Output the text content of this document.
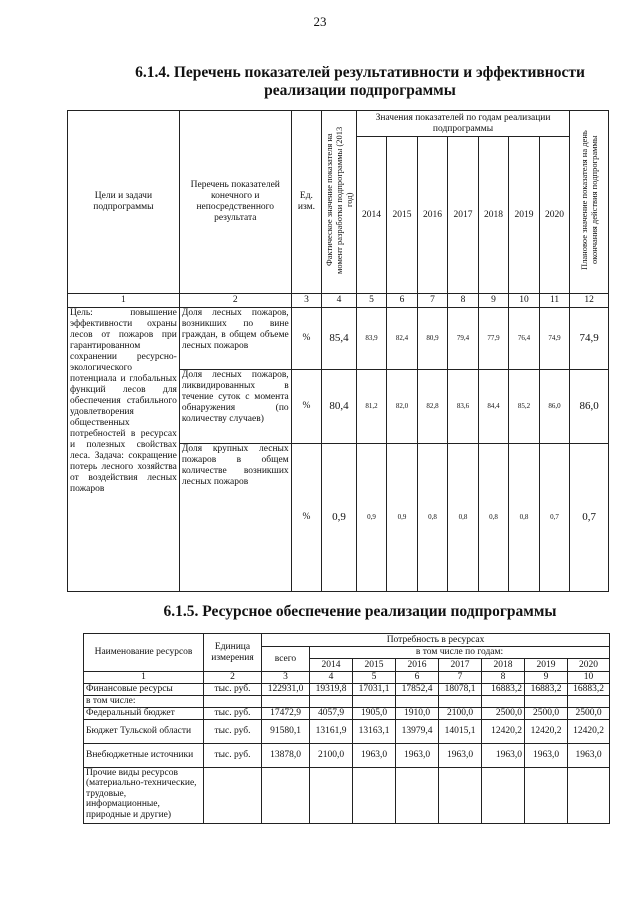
23
6.1.4. Перечень показателей результативности и эффективности
реализации подпрограммы
Цели и задачи подпрограммы	Перечень показателей конечного и непосредственного результата	Ед. изм.	Фактическое значение показателя на момент разработки подпрограммы (2013 год)	Значения показателей по годам реализации подпрограммы							Плановое значение показателя на день окончания действия подпрограммы
				2014	2015	2016	2017	2018	2019	2020	
1	2	3	4	5	6	7	8	9	10	11	12
Цель: повышение эффективности охраны лесов от пожаров при гарантированном сохранении ресурсно-экологического потенциала и глобальных функций лесов для обеспечения стабильного удовлетворения общественных потребностей в ресурсах и полезных свойствах леса. Задача: сокращение потерь лесного хозяйства от воздействия лесных пожаров	Доля лесных пожаров, возникших по вине граждан, в общем объеме лесных пожаров	%	85,4	83,9	82,4	80,9	79,4	77,9	76,4	74,9	74,9
	Доля лесных пожаров, ликвидированных в течение суток с момента обнаружения (по количеству случаев)	%	80,4	81,2	82,0	82,8	83,6	84,4	85,2	86,0	86,0
	Доля крупных лесных пожаров в общем количестве возникших лесных пожаров	%	0,9	0,9	0,9	0,8	0,8	0,8	0,8	0,7	0,7
6.1.5. Ресурсное обеспечение реализации подпрограммы
Наименование ресурсов	Единица измерения	Потребность в ресурсах							
		всего	в том числе по годам:						
			2014	2015	2016	2017	2018	2019	2020
1	2	3	4	5	6	7	8	9	10
Финансовые ресурсы	тыс. руб.	122931,0	19319,8	17031,1	17852,4	18078,1	16883,2	16883,2	16883,2
в том числе:									
Федеральный бюджет	тыс. руб.	17472,9	4057,9	1905,0	1910,0	2100,0	2500,0	2500,0	2500,0
Бюджет Тульской области	тыс. руб.	91580,1	13161,9	13163,1	13979,4	14015,1	12420,2	12420,2	12420,2
Внебюджетные источники	тыс. руб.	13878,0	2100,0	1963,0	1963,0	1963,0	1963,0	1963,0	1963,0
Прочие виды ресурсов (материально-технические, трудовые, информационные, природные и другие)									
